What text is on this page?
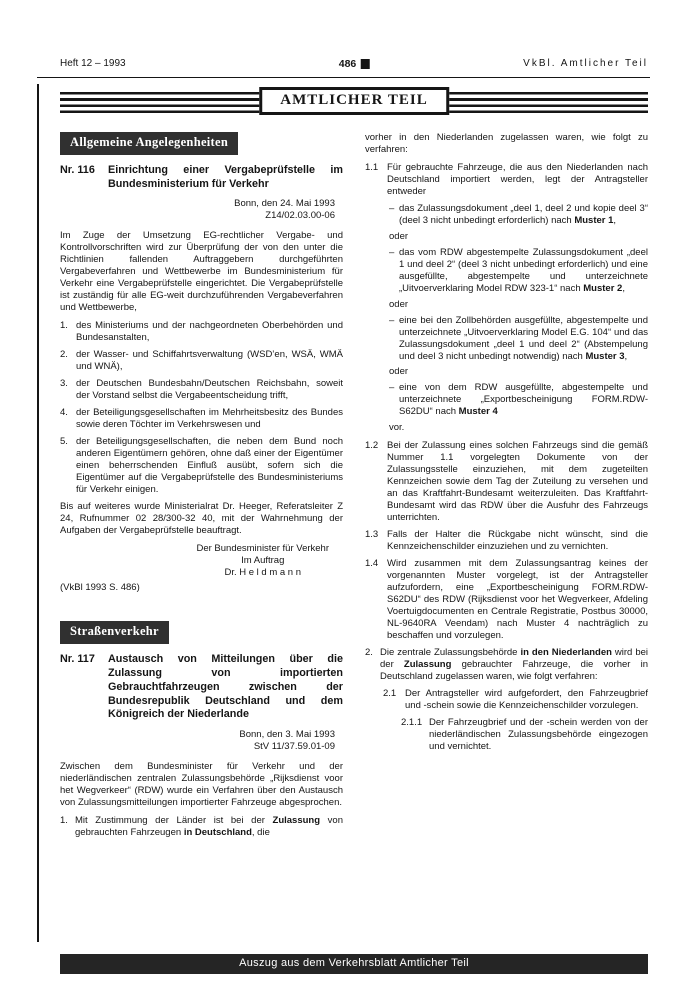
Heft 12 – 1993	486	VkBl. Amtlicher Teil
AMTLICHER TEIL
Allgemeine Angelegenheiten
Nr. 116	Einrichtung einer Vergabeprüfstelle im Bundesministerium für Verkehr
Bonn, den 24. Mai 1993
Z14/02.03.00-06

Im Zuge der Umsetzung EG-rechtlicher Vergabe- und Kontrollvorschriften wird zur Überprüfung der von den unter die Richtlinien fallenden Auftraggebern durchgeführten Vergabeverfahren und Wettbewerbe im Bundesministerium für Verkehr eine Vergabeprüfstelle eingerichtet. Die Vergabeprüfstelle ist zuständig für alle EG-weit durchzuführenden Vergabeverfahren und Wettbewerbe,

1. des Ministeriums und der nachgeordneten Oberbehörden und Bundesanstalten,
2. der Wasser- und Schiffahrtsverwaltung (WSD’en, WSÄ, WMÄ und WNÄ),
3. der Deutschen Bundesbahn/Deutschen Reichsbahn, soweit der Vorstand selbst die Vergabeentscheidung trifft,
4. der Beteiligungsgesellschaften im Mehrheitsbesitz des Bundes sowie deren Töchter im Verkehrswesen und
5. der Beteiligungsgesellschaften, die neben dem Bund noch anderen Eigentümern gehören, ohne daß einer der Eigentümer einen beherrschenden Einfluß ausübt, sofern sich die Eigentümer auf die Vergabeprüfstelle des Bundesministeriums für Verkehr einigen.

Bis auf weiteres wurde Ministerialrat Dr. Heeger, Referatsleiter Z 24, Rufnummer 02 28/300-32 40, mit der Wahrnehmung der Aufgaben der Vergabeprüfstelle beauftragt.

Der Bundesminister für Verkehr
Im Auftrag
Dr. H e l d m a n n

(VkBl 1993 S. 486)

Straßenverkehr
Nr. 117	Austausch von Mitteilungen über die Zulassung von importierten Gebrauchtfahrzeugen zwischen der Bundesrepublik Deutschland und dem Königreich der Niederlande
Bonn, den 3. Mai 1993
StV 11/37.59.01-09

Zwischen dem Bundesminister für Verkehr und der niederländischen zentralen Zulassungsbehörde „Rijksdienst voor het Wegverkeer“ (RDW) wurde ein Verfahren über den Austausch von Zulassungsmitteilungen importierter Fahrzeuge abgesprochen.

1. Mit Zustimmung der Länder ist bei der Zulassung von gebrauchten Fahrzeugen in Deutschland, die

vorher in den Niederlanden zugelassen waren, wie folgt zu verfahren:

1.1 Für gebrauchte Fahrzeuge, die aus den Niederlanden nach Deutschland importiert werden, legt der Antragsteller entweder
– das Zulassungsdokument „deel 1, deel 2 und kopie deel 3“ (deel 3 nicht unbedingt erforderlich) nach Muster 1,
oder
– das vom RDW abgestempelte Zulassungsdokument „deel 1 und deel 2“ (deel 3 nicht unbedingt erforderlich) und eine ausgefüllte, abgestempelte und unterzeichnete „Uitvoerverklaring Model RDW 323-1“ nach Muster 2,
oder
– eine bei den Zollbehörden ausgefüllte, abgestempelte und unterzeichnete „Uitvoerverklaring Model E.G. 104“ und das Zulassungsdokument „deel 1 und deel 2“ (Abstempelung und deel 3 nicht unbedingt notwendig) nach Muster 3,
oder
– eine von dem RDW ausgefüllte, abgestempelte und unterzeichnete „Exportbescheinigung FORM.RDW-S62DU“ nach Muster 4
vor.
1.2 Bei der Zulassung eines solchen Fahrzeugs sind die gemäß Nummer 1.1 vorgelegten Dokumente von der Zulassungsstelle einzuziehen, mit dem zugeteilten Kennzeichen sowie dem Tag der Zuteilung zu versehen und an das Kraftfahrt-Bundesamt weiterzuleiten. Das Kraftfahrt-Bundesamt wird das RDW über die Ausfuhr des Fahrzeugs unterrichten.
1.3 Falls der Halter die Rückgabe nicht wünscht, sind die Kennzeichenschilder einzuziehen und zu vernichten.
1.4 Wird zusammen mit dem Zulassungsantrag keines der vorgenannten Muster vorgelegt, ist der Antragsteller aufzufordern, eine „Exportbescheinigung FORM.RDW-S62DU“ des RDW (Rijksdienst voor het Wegverkeer, Afdeling Voertuigdocumenten en Centrale Registratie, Postbus 30000, NL-9640RA Veendam) nach Muster 4 nachträglich zu beschaffen und vorzulegen.
2. Die zentrale Zulassungsbehörde in den Niederlanden wird bei der Zulassung gebrauchter Fahrzeuge, die vorher in Deutschland zugelassen waren, wie folgt verfahren:
2.1 Der Antragsteller wird aufgefordert, den Fahrzeugbrief und -schein sowie die Kennzeichenschilder vorzulegen.
2.1.1 Der Fahrzeugbrief und der -schein werden von der niederländischen Zulassungsbehörde eingezogen und vernichtet.
Auszug aus dem Verkehrsblatt Amtlicher Teil
